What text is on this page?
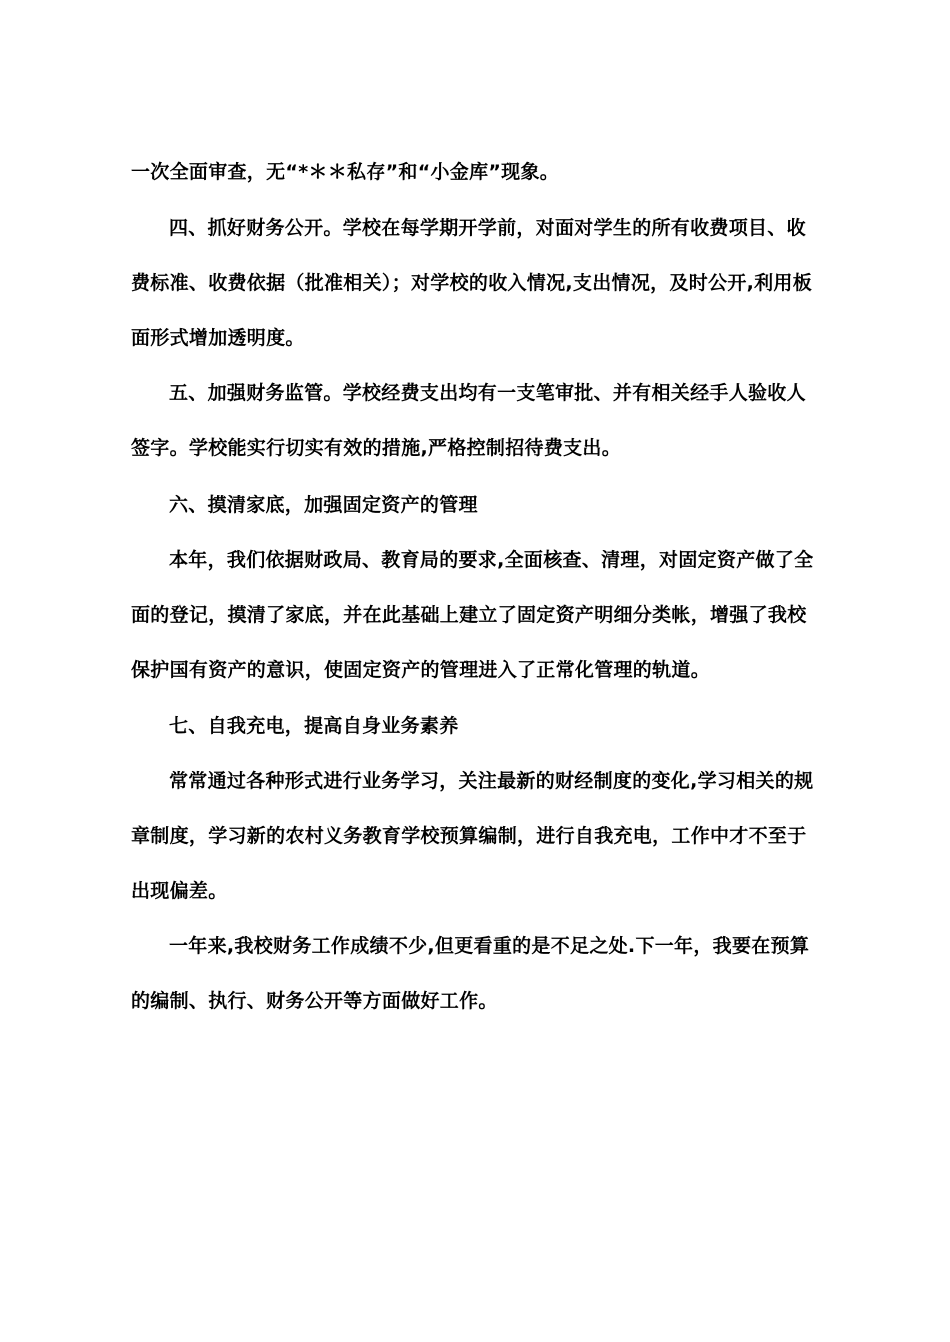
一次全面审查，无“*＊＊私存”和“小金库”现象。

四、抓好财务公开。学校在每学期开学前，对面对学生的所有收费项目、收费标准、收费依据（批准相关）；对学校的收入情况,支出情况，及时公开,利用板面形式增加透明度。

五、加强财务监管。学校经费支出均有一支笔审批、并有相关经手人验收人签字。学校能实行切实有效的措施,严格控制招待费支出。

六、摸清家底，加强固定资产的管理

本年，我们依据财政局、教育局的要求,全面核查、清理，对固定资产做了全面的登记，摸清了家底，并在此基础上建立了固定资产明细分类帐，增强了我校保护国有资产的意识，使固定资产的管理进入了正常化管理的轨道。

七、自我充电，提高自身业务素养

常常通过各种形式进行业务学习，关注最新的财经制度的变化,学习相关的规章制度，学习新的农村义务教育学校预算编制，进行自我充电，工作中才不至于出现偏差。

一年来,我校财务工作成绩不少,但更看重的是不足之处.下一年，我要在预算的编制、执行、财务公开等方面做好工作。
